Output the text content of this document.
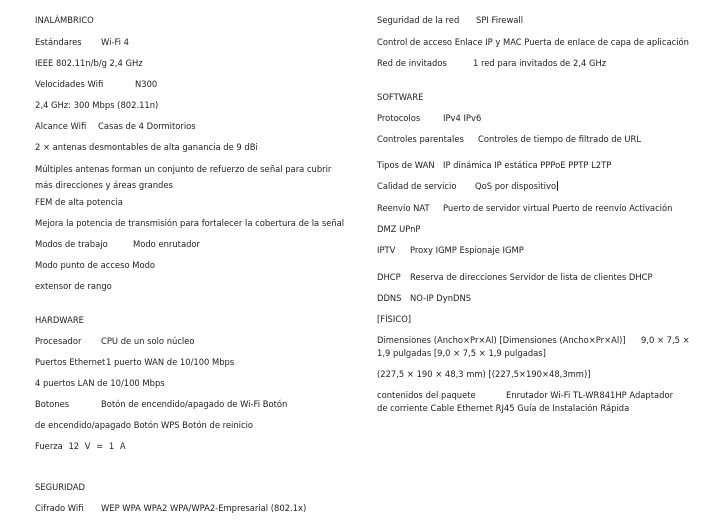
INALÁMBRICO
Estándares Wi-Fi 4
IEEE 802.11n/b/g 2,4 GHz
Velocidades Wifi	N300
2,4 GHz: 300 Mbps (802.11n)
Alcance Wifi Casas de 4 Dormitorios
2 × antenas desmontables de alta ganancia de 9 dBi
Múltiples antenas forman un conjunto de refuerzo de señal para cubrir más direcciones y áreas grandes
FEM de alta potencia
Mejora la potencia de transmisión para fortalecer la cobertura de la señal
Modos de trabajo	Modo enrutador
Modo punto de acceso Modo
extensor de rango
HARDWARE
Procesador CPU de un solo núcleo
Puertos Ethernet1 puerto WAN de 10/100 Mbps
4 puertos LAN de 10/100 Mbps
Botones	Botón de encendido/apagado de Wi-Fi Botón
de encendido/apagado Botón WPS Botón de reinicio
Fuerza 12 V = 1 A
SEGURIDAD
Cifrado Wifi WEP WPA WPA2 WPA/WPA2-Empresarial (802.1x)
Seguridad de la red SPI Firewall
Control de acceso Enlace IP y MAC Puerta de enlace de capa de aplicación
Red de invitados	1 red para invitados de 2,4 GHz
SOFTWARE
Protocolos	IPv4 IPv6
Controles parentales Controles de tiempo de filtrado de URL
Tipos de WAN IP dinámica IP estática PPPoE PPTP L2TP
Calidad de servicio QoS por dispositivo
Reenvío NAT Puerto de servidor virtual Puerto de reenvío Activación
DMZ UPnP
IPTV Proxy IGMP Espionaje IGMP
DHCP Reserva de direcciones Servidor de lista de clientes DHCP
DDNS NO-IP DynDNS
[FÍSICO]
Dimensiones (Ancho×Pr×Al) [Dimensiones (Ancho×Pr×Al)] 9,0 × 7,5 ×
1,9 pulgadas [9,0 × 7,5 × 1,9 pulgadas]
(227,5 × 190 × 48,3 mm) [(227,5×190×48,3mm)]
contenidos del paquete	Enrutador Wi-Fi TL-WR841HP Adaptador
de corriente Cable Ethernet RJ45 Guía de Instalación Rápida
